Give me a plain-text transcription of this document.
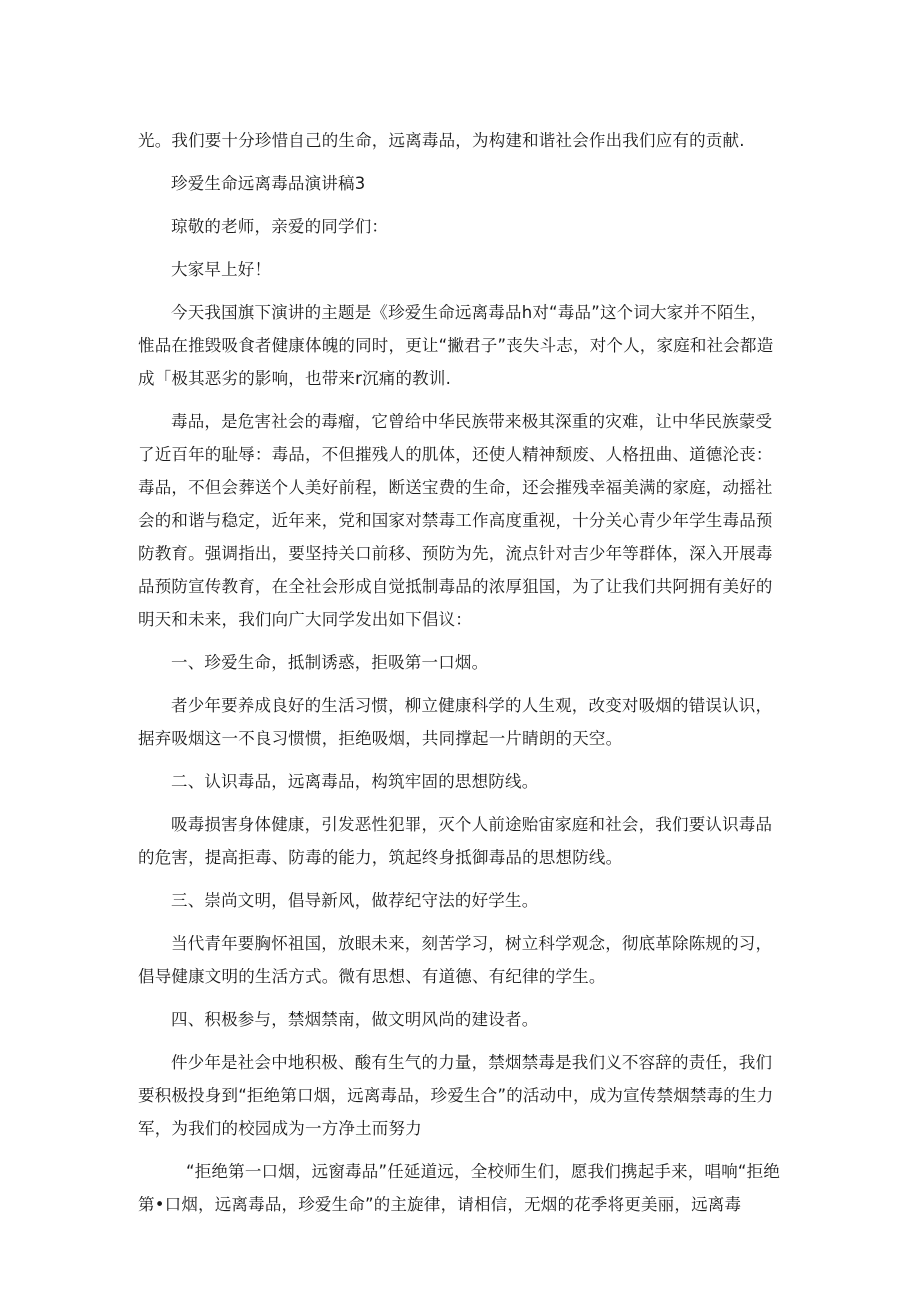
光。我们要十分珍惜自己的生命，远离毒品，为构建和谐社会作出我们应有的贡献.

珍爱生命远离毒品演讲稿3

琼敬的老师，亲爱的同学们：

大家早上好！

今天我国旗下演讲的主题是《珍爱生命远离毒品h对“毒品”这个词大家并不陌生，惟品在推毁吸食者健康体魄的同时，更让“撇君子”丧失斗志，对个人，家庭和社会都造成「极其恶劣的影响，也带来r沉痛的教训.

毒品，是危害社会的毒瘤，它曾给中华民族带来极其深重的灾难，让中华民族蒙受了近百年的耻辱：毒品，不但摧残人的肌体，还使人精神颓废、人格扭曲、道德沦丧：毒品，不但会葬送个人美好前程，断送宝费的生命，还会摧残幸福美满的家庭，动摇社会的和谐与稳定，近年来，党和国家对禁毒工作高度重视，十分关心青少年学生毒品预防教育。强调指出，要坚持关口前移、预防为先，流点针对吉少年等群体，深入开展毒品预防宣传教育，在全社会形成自觉抵制毒品的浓厚狙国，为了让我们共阿拥有美好的明天和未来，我们向广大同学发出如下倡议：

一、珍爱生命，抵制诱惑，拒吸第一口烟。

者少年要养成良好的生活习惯，柳立健康科学的人生观，改变对吸烟的错误认识，据弃吸烟这一不良习惯惯，拒绝吸烟，共同撑起一片睛朗的天空。

二、认识毒品，远离毒品，构筑牢固的思想防线。

吸毒损害身体健康，引发恶性犯罪，灭个人前途贻宙家庭和社会，我们要认识毒品的危害，提高拒毒、防毒的能力，筑起终身抵御毒品的思想防线。

三、崇尚文明，倡导新风，做荐纪守法的好学生。

当代青年要胸怀祖国，放眼未来，刻苦学习，树立科学观念，彻底革除陈规的习，倡导健康文明的生活方式。微有思想、有道德、有纪律的学生。

四、积极参与，禁烟禁南，做文明风尚的建设者。

件少年是社会中地积极、酸有生气的力量，禁烟禁毒是我们义不容辞的责任，我们要积极投身到“拒绝第口烟，远离毒品，珍爱生合”的活动中，成为宣传禁烟禁毒的生力军，为我们的校园成为一方净土而努力

“拒绝第一口烟，远窗毒品”任延道远，全校师生们，愿我们携起手来，唱响“拒绝第•口烟，远离毒品，珍爱生命”的主旋律，请相信，无烟的花季将更美丽，远离毒
